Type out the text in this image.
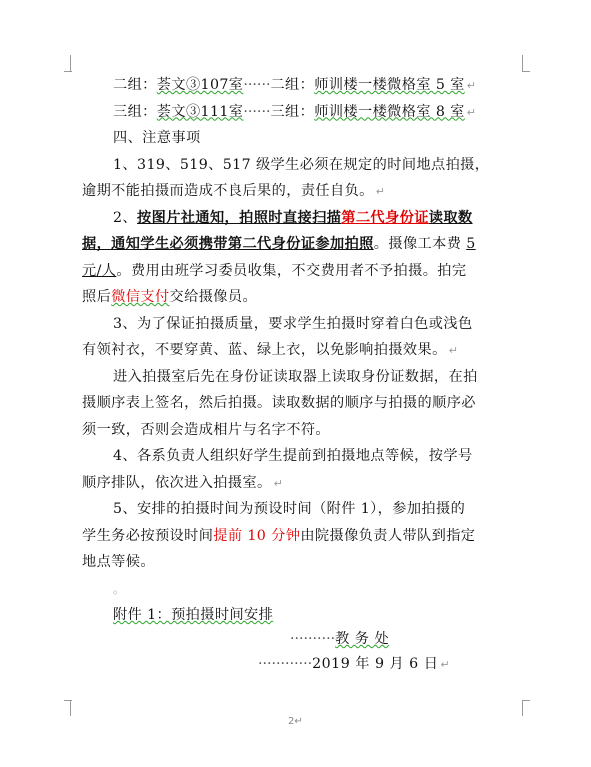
二组：荟文③107室······二组：师训楼一楼微格室 5 室 ↵
三组：荟文③111室······三组：师训楼一楼微格室 8 室 ↵
四、注意事项
1、319、519、517 级学生必须在规定的时间地点拍摄，
逾期不能拍摄而造成不良后果的，责任自负。 ↵
2、按图片社通知，拍照时直接扫描第二代身份证读取数
据，通知学生必须携带第二代身份证参加拍照。摄像工本费 5
元/人。费用由班学习委员收集，不交费用者不予拍摄。拍完
照后微信支付交给摄像员。
3、为了保证拍摄质量，要求学生拍摄时穿着白色或浅色
有领衬衣，不要穿黄、蓝、绿上衣，以免影响拍摄效果。 ↵
进入拍摄室后先在身份证读取器上读取身份证数据，在拍
摄顺序表上签名，然后拍摄。读取数据的顺序与拍摄的顺序必
须一致，否则会造成相片与名字不符。
4、各系负责人组织好学生提前到拍摄地点等候，按学号
顺序排队，依次进入拍摄室。 ↵
5、安排的拍摄时间为预设时间（附件 1），参加拍摄的
学生务必按预设时间提前 10 分钟由院摄像负责人带队到指定
地点等候。
。
附件 1：预拍摄时间安排
··········教 务 处
············2019 年 9 月 6 日 ↵
2↵
